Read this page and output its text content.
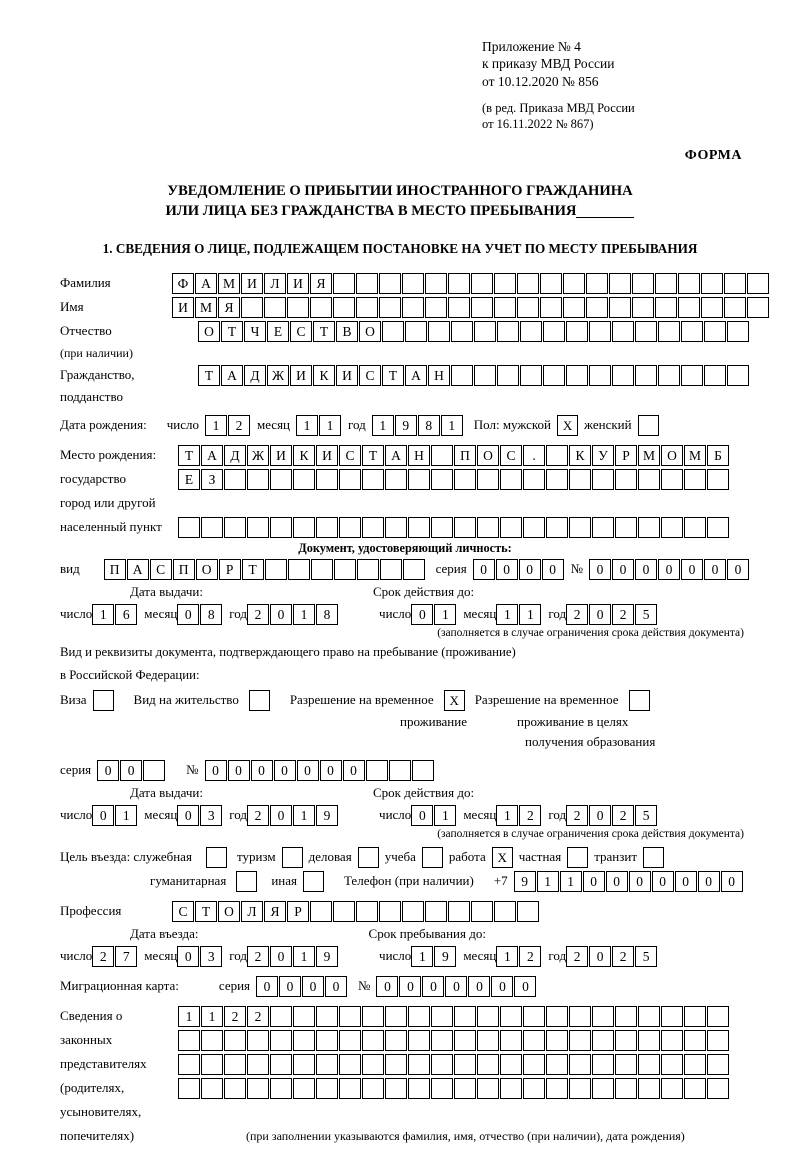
Приложение № 4
к приказу МВД России
от 10.12.2020 № 856
(в ред. Приказа МВД России
от 16.11.2022 № 867)
ФОРМА
УВЕДОМЛЕНИЕ О ПРИБЫТИИ ИНОСТРАННОГО ГРАЖДАНИНА
ИЛИ ЛИЦА БЕЗ ГРАЖДАНСТВА В МЕСТО ПРЕБЫВАНИЯ
1. СВЕДЕНИЯ О ЛИЦЕ, ПОДЛЕЖАЩЕМ ПОСТАНОВКЕ НА УЧЕТ ПО МЕСТУ ПРЕБЫВАНИЯ
Фамилия	Ф А М И	Л	И	Я
Имя	И М Я
Отчество	О	Т	Ч	Е	С	Т	В	О
(при наличии)
Гражданство,	Т	А	Д Ж И	К	И	С	Т	А Н
подданство
Дата рождения: число	1	2	месяц	1	1	год	1	9	8	1	Пол: мужской Х женский
Место рождения:	Т	А	Д Ж И	К	И	С	Т	А Н	П О	С	.	К	У	Р М О М Б
государство	Е	З
город или другой
населенный пункт
Документ, удостоверяющий личность:
вид	П А	С	П О	Р	Т	серия	0	0	0	0	№	0	0	0	0	0	0	0
Дата выдачи:	Срок действия до:
число 1	6	месяц 0	8	год 2	0	1	8	число 0	1	месяц 1	1	год 2	0	2	5
(заполняется в случае ограничения срока действия документа)
Вид и реквизиты документа, подтверждающего право на пребывание (проживание)
в Российской Федерации:
Виза	Вид на жительство	Разрешение на временное	Х	Разрешение на временное
проживание	проживание в целях
получения образования
серия	0	0	№	0	0	0	0	0	0	0
Дата выдачи:	Срок действия до:
число 0	1	месяц 0	3	год 2	0	1	9	число 0	1	месяц 1	2	год 2	0	2	5
(заполняется в случае ограничения срока действия документа)
Цель въезда: служебная	туризм	деловая	учеба	работа Х частная	транзит
гуманитарная	иная	Телефон (при наличии) +7	9	1	1	0	0	0	0	0	0	0
Профессия	С	Т	О	Л	Я	Р
Дата въезда:	Срок пребывания до:
число 2	7	месяц 0	3	год 2	0	1	9	число 1	9	месяц 1	2	год 2	0	2	5
Миграционная карта:	серия	0	0	0	0	№	0	0	0	0	0	0	0
Сведения о	1	1	2	2
законных
представителях
(родителях,
усыновителях,
попечителях)	(при заполнении указываются фамилия, имя, отчество (при наличии), дата рождения)
